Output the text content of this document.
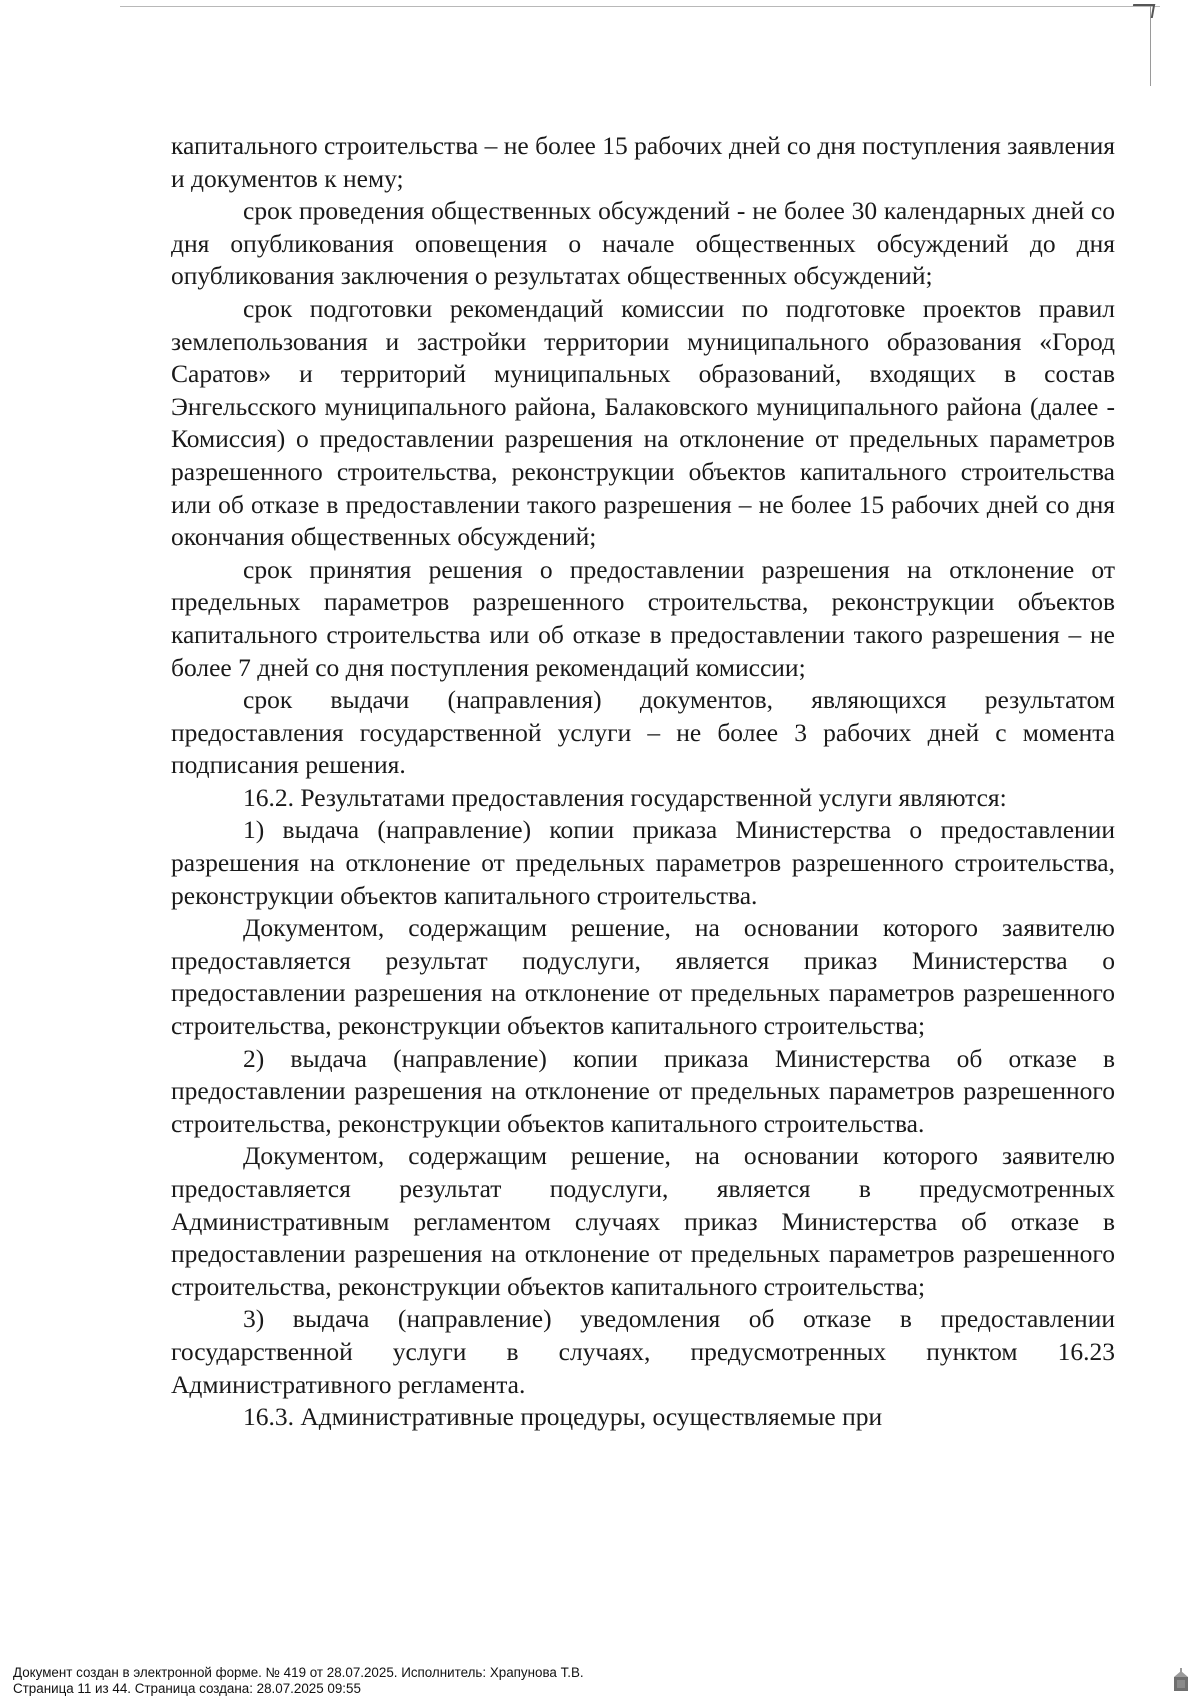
капитального строительства – не более 15 рабочих дней со дня поступления заявления и документов к нему;

срок проведения общественных обсуждений - не более 30 календарных дней со дня опубликования оповещения о начале общественных обсуждений до дня опубликования заключения о результатах общественных обсуждений;

срок подготовки рекомендаций комиссии по подготовке проектов правил землепользования и застройки территории муниципального образования «Город Саратов» и территорий муниципальных образований, входящих в состав Энгельсского муниципального района, Балаковского муниципального района (далее - Комиссия) о предоставлении разрешения на отклонение от предельных параметров разрешенного строительства, реконструкции объектов капитального строительства или об отказе в предоставлении такого разрешения – не более 15 рабочих дней со дня окончания общественных обсуждений;

срок принятия решения о предоставлении разрешения на отклонение от предельных параметров разрешенного строительства, реконструкции объектов капитального строительства или об отказе в предоставлении такого разрешения – не более 7 дней со дня поступления рекомендаций комиссии;

срок выдачи (направления) документов, являющихся результатом предоставления государственной услуги – не более 3 рабочих дней с момента подписания решения.

16.2. Результатами предоставления государственной услуги являются:

1) выдача (направление) копии приказа Министерства о предоставлении разрешения на отклонение от предельных параметров разрешенного строительства, реконструкции объектов капитального строительства.

Документом, содержащим решение, на основании которого заявителю предоставляется результат подуслуги, является приказ Министерства о предоставлении разрешения на отклонение от предельных параметров разрешенного строительства, реконструкции объектов капитального строительства;

2) выдача (направление) копии приказа Министерства об отказе в предоставлении разрешения на отклонение от предельных параметров разрешенного строительства, реконструкции объектов капитального строительства.

Документом, содержащим решение, на основании которого заявителю предоставляется результат подуслуги, является в предусмотренных Административным регламентом случаях приказ Министерства об отказе в предоставлении разрешения на отклонение от предельных параметров разрешенного строительства, реконструкции объектов капитального строительства;

3) выдача (направление) уведомления об отказе в предоставлении государственной услуги в случаях, предусмотренных пунктом 16.23 Административного регламента.

16.3. Административные процедуры, осуществляемые при

Документ создан в электронной форме. № 419 от 28.07.2025. Исполнитель: Храпунова Т.В.
Страница 11 из 44. Страница создана: 28.07.2025 09:55
